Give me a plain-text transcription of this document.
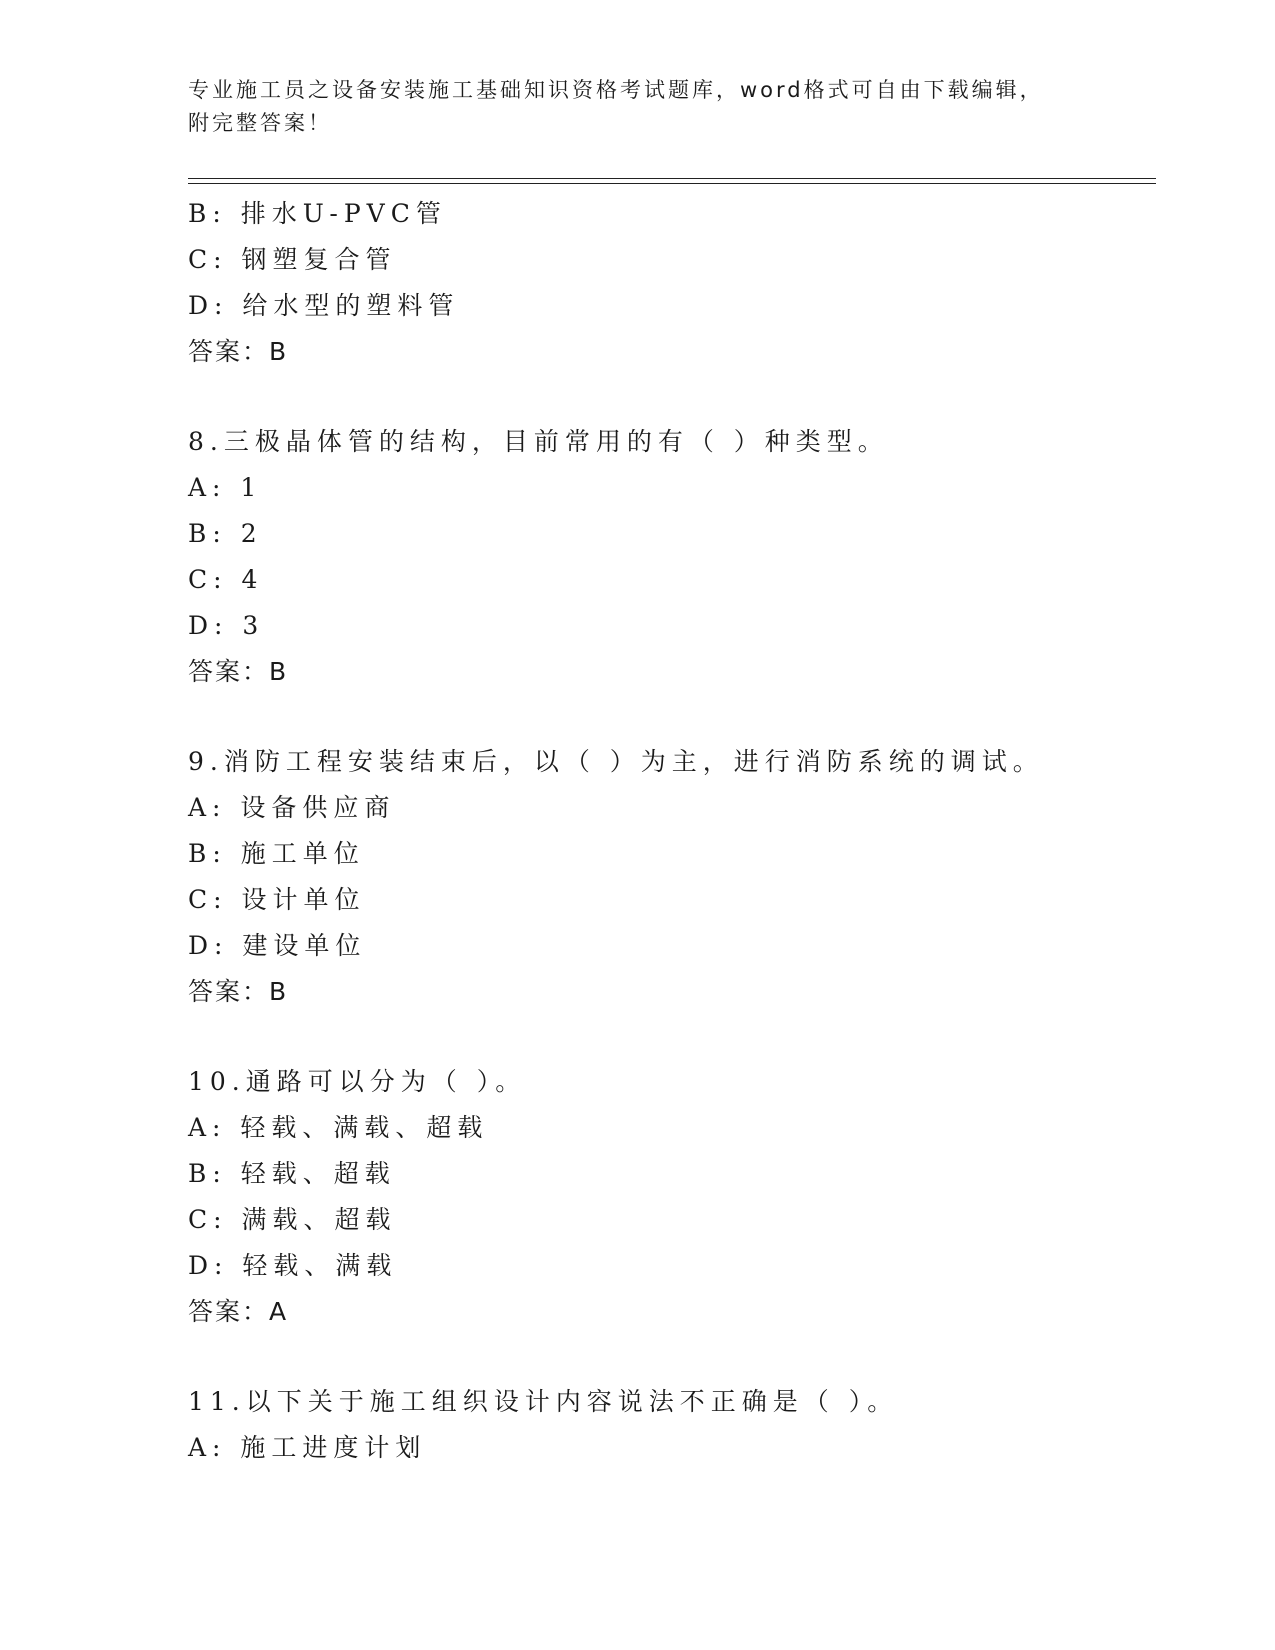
专业施工员之设备安装施工基础知识资格考试题库，word格式可自由下载编辑，
附完整答案！
B: 排水U-PVC管
C: 钢塑复合管
D: 给水型的塑料管
答案：B
8.三极晶体管的结构，目前常用的有（ ）种类型。
A: 1
B: 2
C: 4
D: 3
答案：B
9.消防工程安装结束后，以（ ）为主，进行消防系统的调试。
A: 设备供应商
B: 施工单位
C: 设计单位
D: 建设单位
答案：B
10.通路可以分为（ ）。
A: 轻载、满载、超载
B: 轻载、超载
C: 满载、超载
D: 轻载、满载
答案：A
11.以下关于施工组织设计内容说法不正确是（ ）。
A: 施工进度计划
